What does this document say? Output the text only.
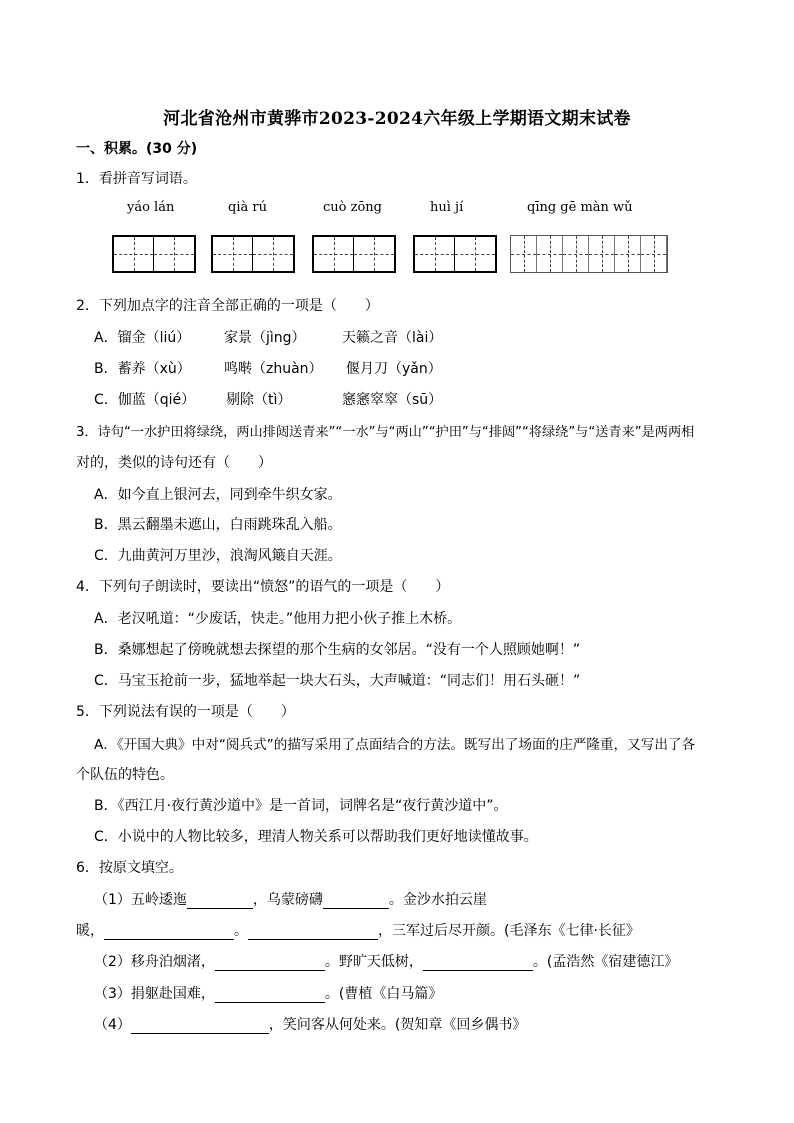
河北省沧州市黄骅市2023-2024六年级上学期语文期末试卷
一、积累。(30 分)
1．看拼音写词语。
yáo lán	qià rú	cuò zōng	huì jí	qīng gē màn wǔ
2．下列加点字的注音全部正确的一项是（　　）
A．镏金（liú） 家景（jìng）	天籁之音（lài）
B．蓄养（xù） 鸣啭（zhuàn） 偃月刀（yǎn）
C．伽蓝（qié） 剔除（tì）	窸窸窣窣（sū）
3．诗句“一水护田将绿绕，两山排闼送青来”“一水”与“两山”“护田”与“排闼”“将绿绕”与“送青来”是两两相
对的，类似的诗句还有（　　）
A．如今直上银河去，同到牵牛织女家。
B．黑云翻墨未遮山，白雨跳珠乱入船。
C．九曲黄河万里沙，浪淘风簸自天涯。
4．下列句子朗读时，要读出“愤怒”的语气的一项是（　　）
A．老汉吼道：“少废话，快走。”他用力把小伙子推上木桥。
B．桑娜想起了傍晚就想去探望的那个生病的女邻居。“没有一个人照顾她啊！”
C．马宝玉抢前一步，猛地举起一块大石头，大声喊道：“同志们！用石头砸！”
5．下列说法有误的一项是（　　）
A．《开国大典》中对“阅兵式”的描写采用了点面结合的方法。既写出了场面的庄严隆重，又写出了各
个队伍的特色。
B．《西江月·夜行黄沙道中》是一首词，词牌名是“夜行黄沙道中”。
C．小说中的人物比较多，理清人物关系可以帮助我们更好地读懂故事。
6．按原文填空。
（1）五岭逶迤	，乌蒙磅礴	。金沙水拍云崖
暖，	。	，三军过后尽开颜。(毛泽东《七律·长征》
（2）移舟泊烟渚，	。野旷天低树，	。(孟浩然《宿建德江》
（3）捐躯赴国难，	。(曹植《白马篇》
（4）	，笑问客从何处来。(贺知章《回乡偶书》
